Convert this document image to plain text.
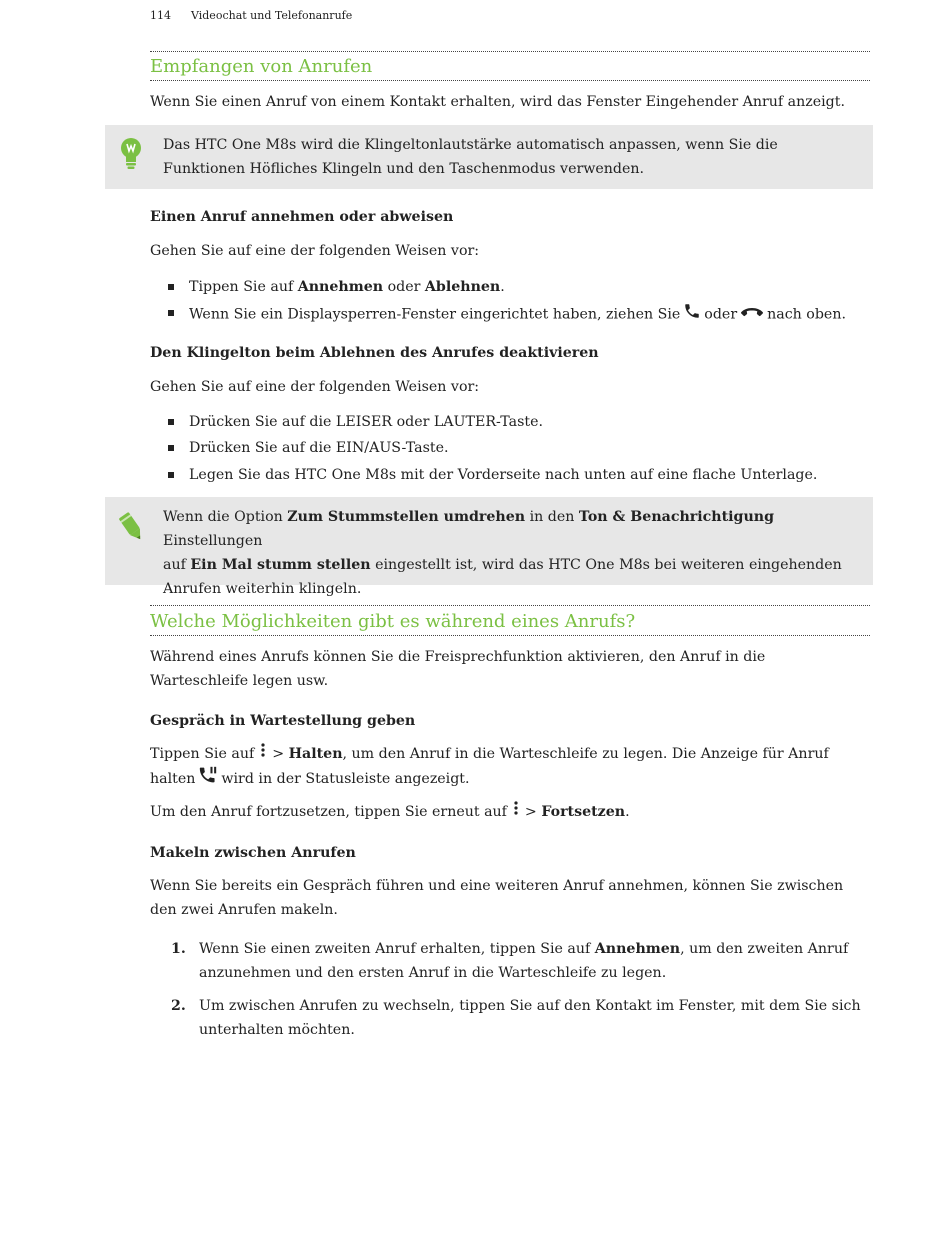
114 Videochat und Telefonanrufe
Empfangen von Anrufen
Wenn Sie einen Anruf von einem Kontakt erhalten, wird das Fenster Eingehender Anruf anzeigt.
Das HTC One M8s wird die Klingeltonlautstärke automatisch anpassen, wenn Sie die
Funktionen Höfliches Klingeln und den Taschenmodus verwenden.
Einen Anruf annehmen oder abweisen
Gehen Sie auf eine der folgenden Weisen vor:
Tippen Sie auf Annehmen oder Ablehnen.
Wenn Sie ein Displaysperren-Fenster eingerichtet haben, ziehen Sie oder nach oben.
Den Klingelton beim Ablehnen des Anrufes deaktivieren
Gehen Sie auf eine der folgenden Weisen vor:
Drücken Sie auf die LEISER oder LAUTER-Taste.
Drücken Sie auf die EIN/AUS-Taste.
Legen Sie das HTC One M8s mit der Vorderseite nach unten auf eine flache Unterlage.
Wenn die Option Zum Stummstellen umdrehen in den Ton & Benachrichtigung Einstellungen
auf Ein Mal stumm stellen eingestellt ist, wird das HTC One M8s bei weiteren eingehenden
Anrufen weiterhin klingeln.
Welche Möglichkeiten gibt es während eines Anrufs?
Während eines Anrufs können Sie die Freisprechfunktion aktivieren, den Anruf in die
Warteschleife legen usw.
Gespräch in Wartestellung geben
Tippen Sie auf > Halten, um den Anruf in die Warteschleife zu legen. Die Anzeige für Anruf
halten wird in der Statusleiste angezeigt.
Um den Anruf fortzusetzen, tippen Sie erneut auf > Fortsetzen.
Makeln zwischen Anrufen
Wenn Sie bereits ein Gespräch führen und eine weiteren Anruf annehmen, können Sie zwischen
den zwei Anrufen makeln.
1. Wenn Sie einen zweiten Anruf erhalten, tippen Sie auf Annehmen, um den zweiten Anruf
anzunehmen und den ersten Anruf in die Warteschleife zu legen.
2. Um zwischen Anrufen zu wechseln, tippen Sie auf den Kontakt im Fenster, mit dem Sie sich
unterhalten möchten.
